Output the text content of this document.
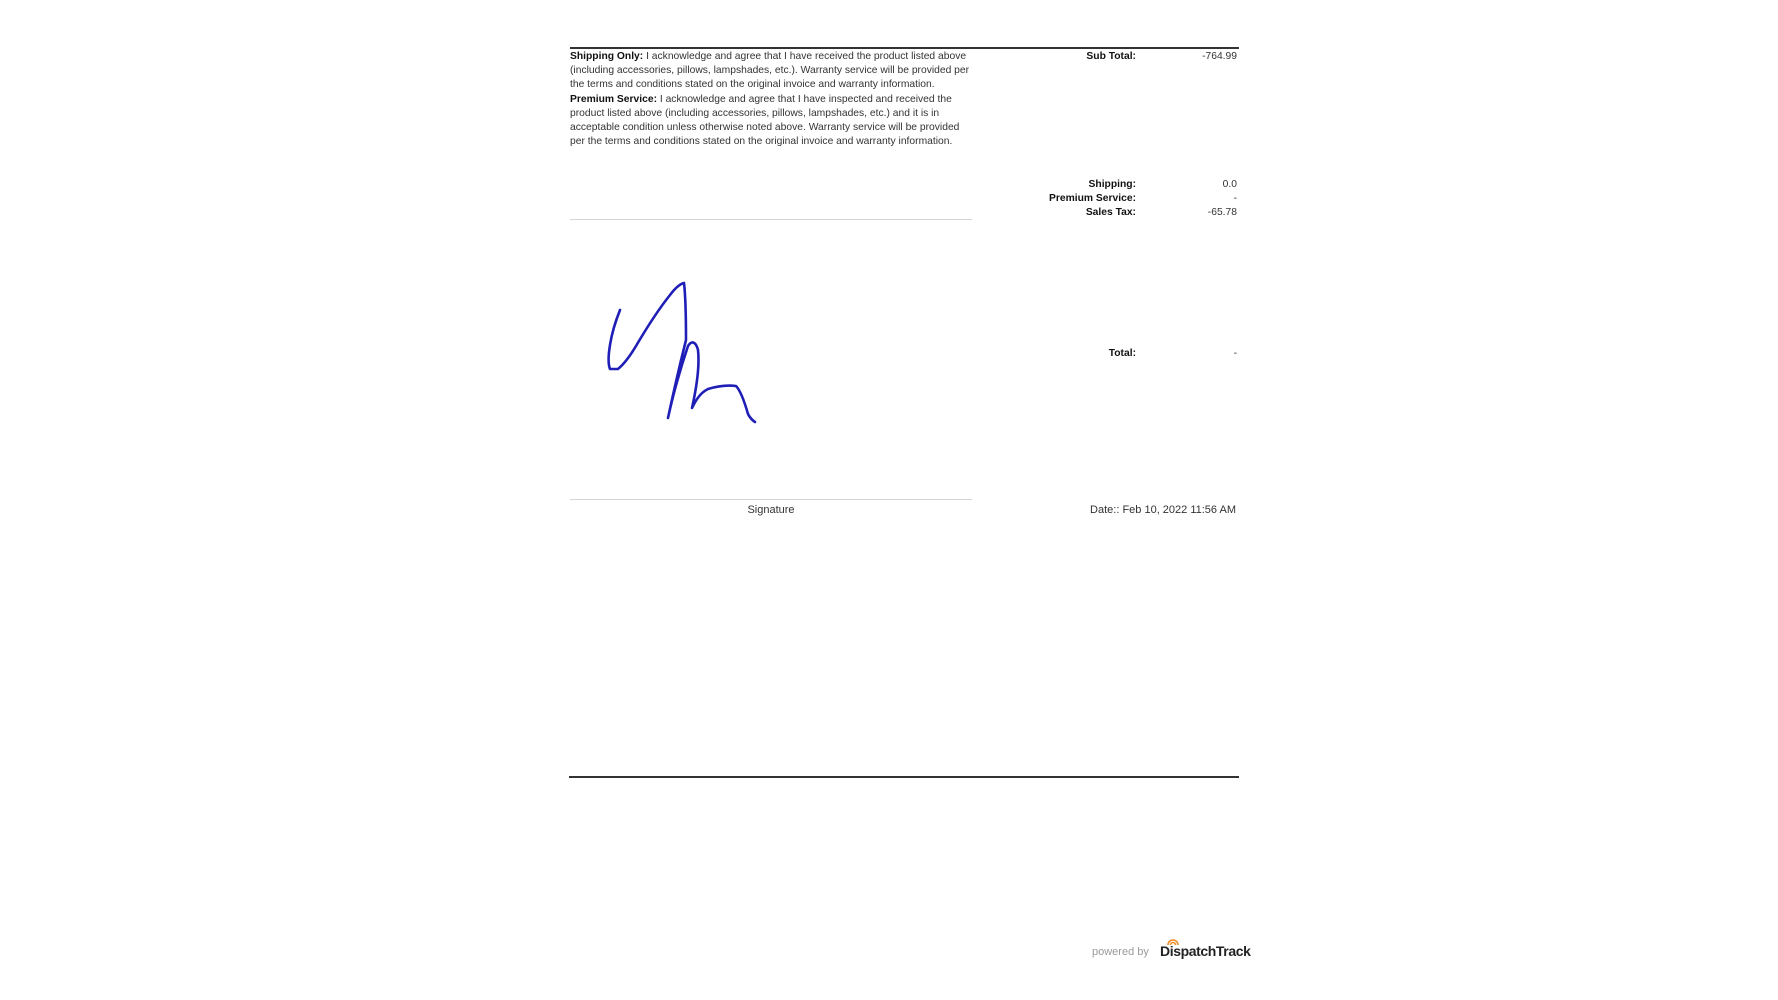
Shipping Only: I acknowledge and agree that I have received the product listed above (including accessories, pillows, lampshades, etc.). Warranty service will be provided per the terms and conditions stated on the original invoice and warranty information.

Premium Service: I acknowledge and agree that I have inspected and received the product listed above (including accessories, pillows, lampshades, etc.) and it is in acceptable condition unless otherwise noted above. Warranty service will be provided per the terms and conditions stated on the original invoice and warranty information.

Sub Total:	-764.99
Shipping:	0.0
Premium Service:	-
Sales Tax:	-65.78
Total:	-
Signature	Date:: Feb 10, 2022 11:56 AM
powered by DispatchTrack
